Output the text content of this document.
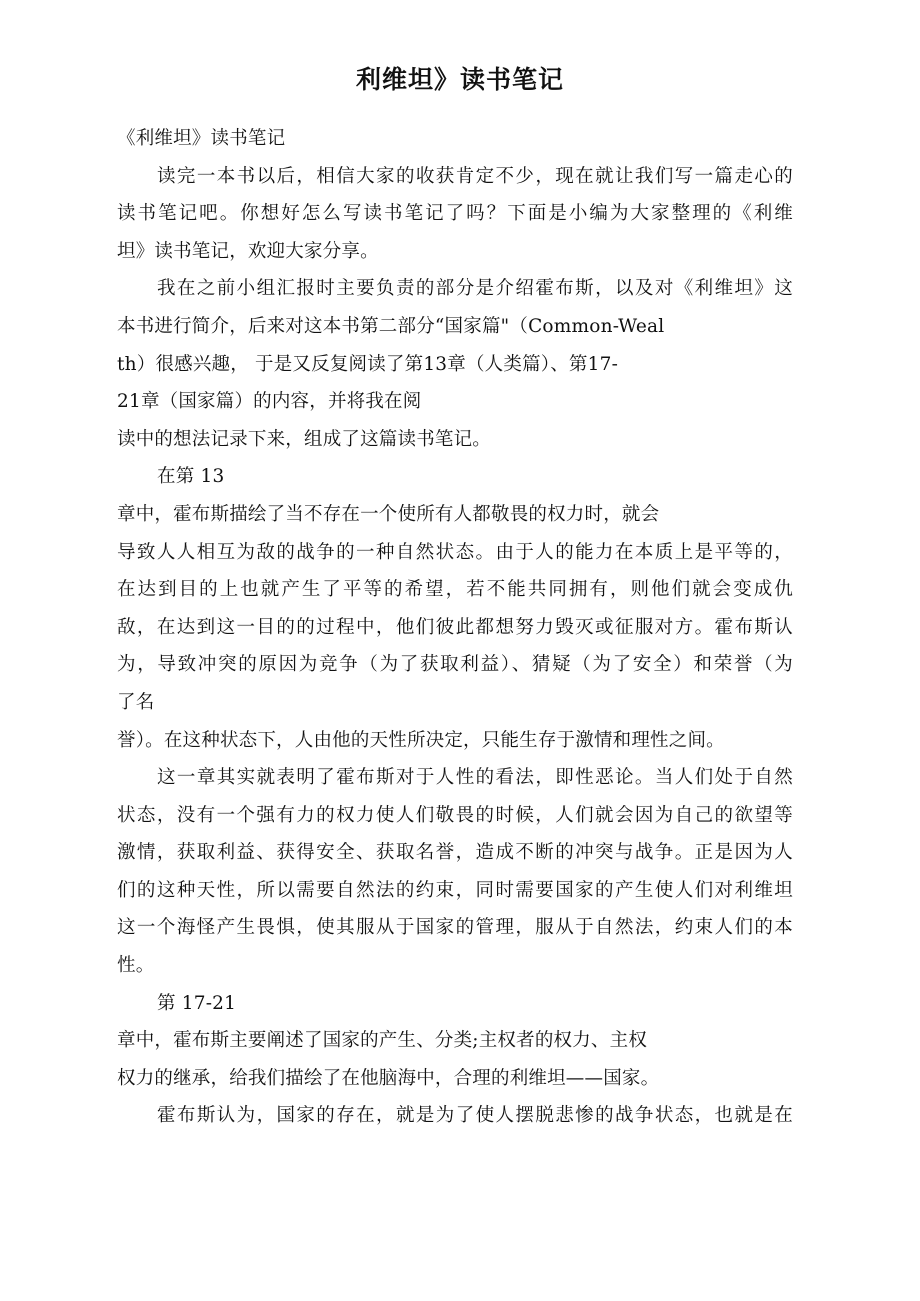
利维坦》读书笔记
《利维坦》读书笔记
读完一本书以后，相信大家的收获肯定不少，现在就让我们写一篇走心的
读书笔记吧。你想好怎么写读书笔记了吗？下面是小编为大家整理的《利维
坦》读书笔记，欢迎大家分享。
我在之前小组汇报时主要负责的部分是介绍霍布斯，以及对《利维坦》这
本书进行简介，后来对这本书第二部分“国家篇"（Common-Weal
th）很感兴趣， 于是又反复阅读了第13章（人类篇）、第17-
21章（国家篇）的内容，并将我在阅
读中的想法记录下来，组成了这篇读书笔记。
在第 13
章中，霍布斯描绘了当不存在一个使所有人都敬畏的权力时，就会
导致人人相互为敌的战争的一种自然状态。由于人的能力在本质上是平等的，
在达到目的上也就产生了平等的希望，若不能共同拥有，则他们就会变成仇
敌，在达到这一目的的过程中，他们彼此都想努力毁灭或征服对方。霍布斯认
为，导致冲突的原因为竞争（为了获取利益）、猜疑（为了安全）和荣誉（为
了名
誉）。在这种状态下，人由他的天性所决定，只能生存于激情和理性之间。
这一章其实就表明了霍布斯对于人性的看法，即性恶论。当人们处于自然
状态，没有一个强有力的权力使人们敬畏的时候，人们就会因为自己的欲望等
激情，获取利益、获得安全、获取名誉，造成不断的冲突与战争。正是因为人
们的这种天性，所以需要自然法的约束，同时需要国家的产生使人们对利维坦
这一个海怪产生畏惧，使其服从于国家的管理，服从于自然法，约束人们的本
性。
第 17-21
章中，霍布斯主要阐述了国家的产生、分类;主权者的权力、主权
权力的继承，给我们描绘了在他脑海中，合理的利维坦——国家。
霍布斯认为，国家的存在，就是为了使人摆脱悲惨的战争状态，也就是在
